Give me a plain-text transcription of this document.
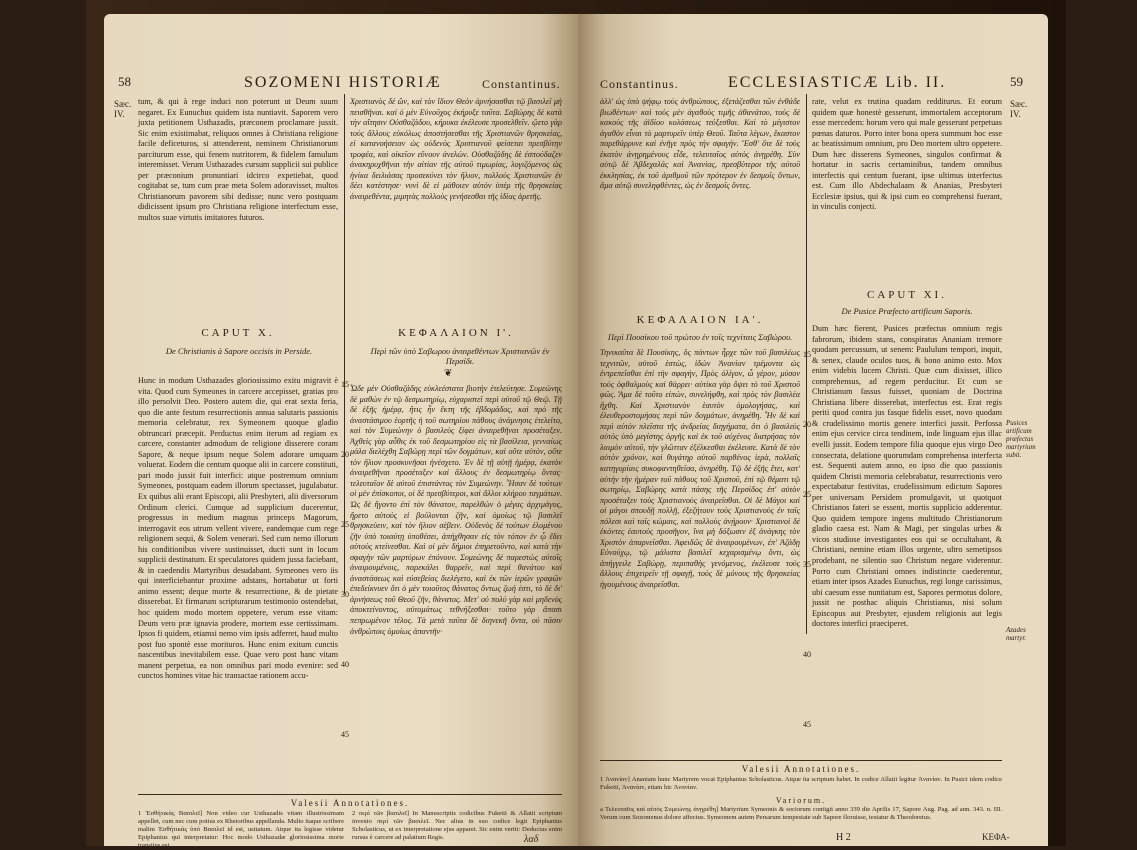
58	SOZOMENI HISTORIÆ	Constantinus.
Sæc. IV.
tum, & qui à rege induci non poterunt ut Deum suum negaret. Ex Eunuchus quidem ista nuntiavit. Saporem vero juxta petitionem Usthazadis, præconem proclamare jussit. Sic enim existimabat, reliquos omnes à Christiana religione facile deficeturos, si attenderent, neminem Christianorum parciturum esse, qui fenem nutritorem, & fidelem famulum interemisset. Verum Usthazades cursum supplicii sui publice per præconium pronuntiari idcirco expetiebat, quod cogitabat se, tum cum prae meta Solem adoravisset, multos Christianorum pavorem sibi dedisse; nunc vero postquam didicissent ipsum pro Christiana religione interfectum esse, multos suae virtutis imitatores futuros.
Χριστιανὸς δὲ ὢν, καὶ τὸν ἴδιον Θεὸν ἀρνήσασθαι τῷ βασιλεῖ μὴ πεισθῆναι. καὶ ὁ μὲν Εὐνοῦχος ἐκήρυξε ταῦτα. Σαβώρης δὲ κατὰ τὴν αἴτησιν Οὐσθαζάδου, κήρυκα ἐκέλευσε προσελθεῖν. ᾤετο γὰρ τοὺς ἄλλους εὐκόλως ἀποστήσεσθαι τῆς Χριστιανῶν θρησκείας, εἰ κατανοήσειαν ὡς οὐδενὸς Χριστιανοῦ φείσεται πρεσβύτην τροφέα, καὶ οἰκεῖον εὔνουν ἀνελών. Οὐσθαζάδης δὲ ἐσπούδαζεν ἀνακηρυχθῆναι τὴν αἰτίαν τῆς αὐτοῦ τιμωρίας, λογιζόμενος ὡς ἡνίκα δειλιάσας προσεκύνει τὸν ἥλιον, πολλοὺς Χριστιανῶν ἐν δέει κατέστησε· νυνὶ δὲ εἰ μάθοιεν αὐτὸν ὑπὲρ τῆς θρησκείας ἀναιρεθέντα, μιμητὰς πολλοὺς γενήσεσθαι τῆς ἰδίας ἀρετῆς.
CAPUT X.	ΚΕΦΑΛΑΙΟΝ Ι'.
De Christianis à Sapore occisis in Perside.	Περὶ τῶν ὑπὸ Σαβωρου ἀναιρεθέντων Χριστιανῶν ἐν Περσίδι.
❦
Hunc in modum Usthazades gloriosissimo exitu migravit è vita. Quod cum Symeones in carcere accepisset, gratias pro illo persolvit Deo. Postero autem die, qui erat sexta feria, quo die ante festum resurrectionis annua salutaris passionis memoria celebratur, rex Symeonem quoque gladio obtruncari præcepit. Perductus enim iterum ad regiam ex carcere, constanter admodum de religione disserere coram Sapore, & neque ipsum neque Solem adorare umquam voluerat. Eodem die centum quoque alii in carcere constituti, pari modo jussit fuit interfici: atque postremum omnium Symeones, postquam eadem illorum spectasset, jugulabatur. Ex quibus alii erant Episcopi, alii Presbyteri, alii diversorum Ordinum clerici. Cumque ad supplicium ducerentur, progressus in medium magnus princeps Magorum, interrogavit eos utrum vellent vivere, eandemque cum rege religionem sequi, & Solem venerari. Sed cum nemo illorum his conditionibus vivere sustinuisset, ducti sunt in locum supplicii destinatum. Et speculatores quidem jussa faciebant, & in caedendis Martyribus desudabant. Symeones vero iis qui interficiebantur proxime adstans, hortabatur ut forti animo essent; deque morte & resurrectione, & de pietate disserebat. Et firmarum scripturarum testimonio ostendebat, hoc quidem modo mortem oppetere, verum esse vitam: Deum vero præ ignavia prodere, mortem esse certissimam. Ipsos fi quidem, etiamsi nemo vim ipsis adferret, haud multo post fuo spontè esse morituros. Hunc enim exitum cunctis nascentibus inevitabilem esse. Quae vero post hanc vitam manent perpetua, ea non omnibus pari modo evenire: sed cunctos homines vitae hic transactae rationem accu-
Ὧδε μὲν Οὐσθαζάδης εὐκλεέστατα βιοτὴν ἐτελεύτησε. Συμεώνης δὲ μαθὼν ἐν τῷ δεσμωτηρίῳ, εὐχαριστεῖ περὶ αὐτοῦ τῷ Θεῷ. Τῇ δὲ ἑξῆς ἡμέρᾳ, ἥτις ἦν ἕκτη τῆς ἑβδομάδος, καὶ πρὸ τῆς ἀναστάσιμου ἑορτῆς ἡ τοῦ σωτηρίου πάθους ἀνάμνησις ἐτελεῖτο, καὶ τὸν Συμεώνην ὁ βασιλεὺς ξίφει ἀναιρεθῆναι προσέταξεν. Ἀχθεὶς γὰρ αὖθις ἐκ τοῦ δεσμωτηρίου εἰς τὰ βασίλεια, γενναίως μάλα διελέχθη Σαβώρῃ περὶ τῶν δογμάτων, καὶ οὔτε αὐτὸν, οὔτε τὸν ἥλιον προσκυνῆσαι ἠνέσχετο. Ἐν δὲ τῇ αὐτῇ ἡμέρᾳ, ἑκατὸν ἀναιρεθῆναι προσέταξεν καὶ ἄλλους ἐν δεσμωτηρίῳ ὄντας· τελευταῖον δὲ αὐτοῦ ἐπιστάντος τὸν Συμεώνην. Ἦσαν δὲ τούτων οἱ μὲν ἐπίσκοποι, οἱ δὲ πρεσβύτεροι, καὶ ἄλλοι κλήρου ταγμάτων. Ὡς δὲ ἤγοντο ἐπὶ τὸν θάνατον, παρελθὼν ὁ μέγας ἀρχιμάγος, ἤρετο αὐτοὺς εἰ βούλονται ζῆν, καὶ ὁμοίως τῷ βασιλεῖ θρησκεύειν, καὶ τὸν ἥλιον σέβειν. Οὐδενὸς δὲ τούτων ἑλομένου ζῆν ὑπὸ τοιαύτῃ ὑποθέσει, ἀπήχθησαν εἰς τὸν τόπον ἐν ᾧ ἔδει αὐτοὺς κτείνεσθαι. Καὶ οἱ μὲν δήμιοι ἐπηρετοῦντο, καὶ κατὰ τὴν σφαγὴν τῶν μαρτύρων ἐπόνουν. Συμεώνης δὲ παρεστὼς αὐτοῖς ἀναιρουμένοις, παρεκάλει θαρρεῖν, καὶ περὶ θανάτου καὶ ἀναστάσεως καὶ εὐσεβείας διελέγετο, καὶ ἐκ τῶν ἱερῶν γραφῶν ἐπεδείκνυεν ὅτι ὁ μὲν τοιοῦτος θάνατος ὄντως ζωή ἐστι, τὸ δὲ δι' ἀρνήσεως τοῦ Θεοῦ ζῆν, θάνατος. Μετ' οὐ πολὺ γὰρ καὶ μηδενὸς ἀποκτείνοντος, αὐτομάτως τεθνήξεσθαι· τοῦτο γὰρ ἅπασι πεπρωμένον τέλος. Τὰ μετὰ ταῦτα δὲ διηνεκῆ ὄντα, οὐ πᾶσιν ἀνθρώποις ὁμοίως ἀπαντῆν·
15
20
25
30
40
45
Valesii Annotationes.
1 Ἐσθήτικὰς Βασιλεῖ] Non video cur Usthazadis vitam illustrissimam appellet, cum nec cum potius ex Rhetoribus appellanda. Multo itaque scribere malim Ἐσθήτικὰς ὑπὸ Βασιλεῖ id est, usitatum. Atque ita legisse videtur Epiphanius qui interpretatur: Hoc modo Usthazadæ gloriosissima morte transitus est.
2 περὶ τῶν βασιλεῖ] In Manuscriptis codicibus Fuketii & Allatii scriptum invenio περὶ τῶν βασιλεῖ. Nec alius in suo codice legit Epiphanius Scholasticus, ut ex interpretatione ejus apparet. Sic enim vertit: Deductus enim rursus è carcere ad palatium Regis.	λαδ
Constantinus.	ECCLESIASTICÆ Lib. II.	59
Sæc. IV.
ἀλλ' ὡς ὑπὸ ψήφῳ τοὺς ἀνθρώπους, ἐξετάζεσθαι τῶν ἐνθάδε βιωθέντων· καὶ τοὺς μὲν ἀγαθοὺς τιμῆς ἀθανάτου, τοὺς δὲ κακοὺς τῆς ἀϊδίου κολάσεως τεύξεσθαι. Καὶ τὸ μέγιστον ἀγαθὸν εἶναι τὸ μαρτυρεῖν ὑπὲρ Θεοῦ. Ταῦτα λέγων, ἕκαστον παρεθάρρυνε καὶ ἐνῆγε πρὸς τὴν σφαγήν. Ἔσθ' ὅτε δὲ τοὺς ἑκατὸν ἀνῃρημένους εἶδε, τελευταῖος αὐτὸς ἀνῃρέθη. Σὺν αὐτῷ δὲ Ἀβδεχαλᾶς καὶ Ἀνανίας, πρεσβύτεροι τῆς αὐτοῦ ἐκκλησίας, ἐκ τοῦ ἀριθμοῦ τῶν πρότερον ἐν δεσμοῖς ὄντων, ἅμα αὐτῷ συνεληφθέντες, ὡς ἐν δεσμοῖς ὄντες.
rate, velut ex trutina quadam redditurus. Et eorum quidem quæ honestè gesserunt, immortalem acceptorum esse mercedem: horum vero qui male gesserunt perpetuas pœnas daturos. Porro inter bona opera summum hoc esse ac beatissimum omnium, pro Deo mortem ultro oppetere. Dum hæc disserens Symeones, singulos confirmat & hortatur in sacris certaminibus, tandem omnibus interfectis qui centum fuerant, ipse ultimus interfectus est. Cum illo Abdechalaam & Ananias, Presbyteri Ecclesiæ ipsius, qui & ipsi cum eo comprehensi fuerant, in vinculis conjecti.
ΚΕΦΑΛΑΙΟΝ ΙΑ'.
CAPUT XI.
Περὶ Πουσίκου τοῦ πρώτου ἐν τοῖς τεχνίταις Σαβώρου.
De Pusice Præfecto artificum Saporis.
Τηνικαῦτα δὲ Πουσίκης, ὃς πάντων ἦρχε τῶν τοῦ βασιλέως τεχνιτῶν, αὐτοῦ ἑστὼς, ἰδὼν Ἀνανίαν τρέμοντα ὡς ἐντρεπεῖσθαι ἐπὶ τὴν σφαγὴν, Πρὸς ὀλίγον, ὦ γέρον, μύσον τοὺς ὀφθαλμοὺς καὶ θάρρει· αὐτίκα γὰρ ὄψει τὸ τοῦ Χριστοῦ φῶς. Ἅμα δὲ τοῦτο εἰπὼν, συνελήφθη, καὶ πρὸς τὸν βασιλέα ἤχθη. Καὶ Χριστιανὸν ἑαυτὸν ὁμολογήσας, καὶ ἐλευθεροστομήσας περὶ τῶν δογμάτων, ἀνηρέθη. Ἦν δὲ καὶ περὶ αὐτὸν πλεῖστα τῆς ἀνδρείας διηγήματα, ὅτι ὁ βασιλεὺς αὐτὸς ὑπὸ μεγίστης ὀργῆς καὶ ἐκ τοῦ αὐχένος διατρήσας τὸν λαιμὸν αὐτοῦ, τὴν γλῶτταν ἐξέλκεσθαι ἐκέλευσε. Κατὰ δὲ τὸν αὐτὸν χρόνον, καὶ θυγάτηρ αὐτοῦ παρθένος ἱερὰ, πολλαῖς κατηγορίαις συκοφαντηθεῖσα, ἀνηρέθη. Τῷ δὲ ἑξῆς ἔτει, κατ' αὐτὴν τὴν ἡμέραν τοῦ πάθους τοῦ Χριστοῦ, ἐπὶ τῷ θέματι τῷ σωτηρίῳ, Σαβώρης κατὰ πάσης τῆς Περσίδος ἐπ' αὐτὸν προσέταξεν τοὺς Χριστιανοὺς ἀναιρεῖσθαι. Οἱ δὲ Μάγοι καὶ οἱ μάγοι σπουδῇ πολλῇ, ἐξεζήτουν τοὺς Χριστιανοὺς ἐν ταῖς πόλεσι καὶ ταῖς κώμαις, καὶ πολλοὺς ἀνῄρουν· Χριστιανοὶ δὲ ἑκόντες ἑαυτοὺς προσῆγον, ἵνα μὴ δόξωσιν ἐξ ἀνάγκης τὸν Χριστὸν ἀπαρνεῖσθαι. Ἀφειδῶς δὲ ἀναιρουμένων, ἐπ' Ἀζάδῃ Εὐνούχῳ, τῷ μάλιστα βασιλεῖ κεχαρισμένῳ ὄντι, ὡς ἀπήγγειλε Σαβώρῃ, περιπαθὴς γενόμενος, ἐκέλευσε τοὺς ἄλλους ἐπιχειρεῖν τῇ σφαγῇ, τοὺς δὲ μόνους τῆς θρησκείας ἡγουμένους ἀναιρεῖσθαι.
Dum hæc fierent, Pusices præfectus omnium regis fabrorum, ibidem stans, conspiratus Ananiam tremore quodam percussum, ut senem: Paululum tempori, inquit, & senex, claude oculos tuos, & bono animo esto. Mox enim videbis lucem Christi. Quæ cum dixisset, illico comprehensus, ad regem perducitur. Et cum se Christianum fassus fuisset, quoniam de Doctrina Christiana libere disserebat, interfectus est. Erat regis periti quod contra jus fasque fidelis esset, novo quodam & crudelissimo mortis genere interfici jussit. Perfossa enim ejus cervice circa tendinem, inde linguam ejus illac evelli jussit. Eodem tempore filia quoque ejus virgo Deo consecrata, delatione quorumdam comprehensa interfecta est. Sequenti autem anno, eo ipso die quo passionis quidem Christi memoria celebrabatur, resurrectionis vero expectabatur festivitas, crudelissimum edictum Sapores per universam Persidem promulgavit, ut quotquot Christianos fateri se essent, mortis supplicio adderentur. Quo quidem tempore ingens multitudo Christianorum gladio caesa est. Nam & Magi, per singulas urbes & vicos studiose investigantes eos qui se occultabant, & Christiani, nemine etiam illos urgente, ultro semetipsos prodebant, ne silentio suo Christum negare viderentur. Porro cum Christiani omnes indistincte caederentur, etiam inter ipsos Azades Eunuchus, regi longe carissimus, ubi caesum esse nuntiatum est, Sapores permotus dolore, jussit ne posthac aliquis Christianus, nisi solum Episcopus aut Presbyter, ejusdem religionis aut legis doctores interfici praeciperet.
Pusices artificum præfectus martyrium subit.
Azades martyr.
15
20
25
35
40
45
Valesii Annotationes.
1 Ἀνανίαν] Ananiam hunc Martyrem vocat Epiphanius Scholasticus. Atque ita scriptum habet. In codice Allatii legitur Ἀνανίαν. In Pusici idem codice Fuketii, Ἀνανίαν, etiam hic Ἀνανίαν.
Variorum.
a Τελευταῖος καὶ αὐτὸς Συμεώνης ἀνῃρέθη] Martyrium Symeonis & sociorum contigit anno 339 die Aprilis 17, Sapore Aug. Pag. ad ann. 343. n. III. Verum cum Sozomenus dolore affectus. Symeonem autem Persarum tempestate sub Sapore floruisse, testatur & Theodoretus.
H 2	ΚΕΦΑ-
